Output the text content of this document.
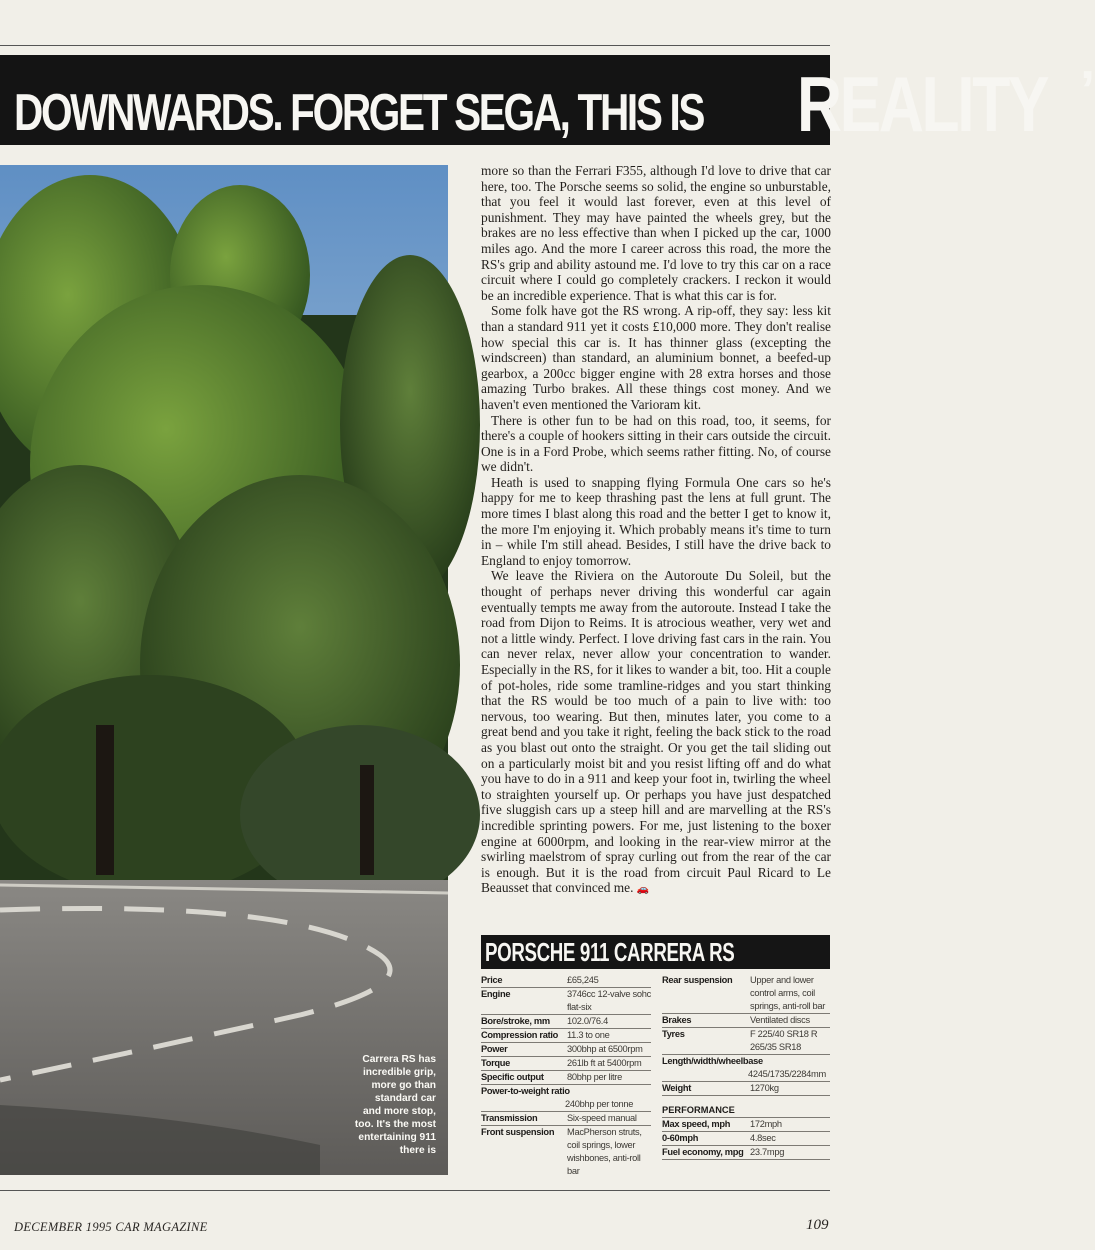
DOWNWARDS. FORGET SEGA, THIS IS REALITY ’
Carrera RS has incredible grip, more go than standard car and more stop, too. It's the most entertaining 911 there is

more so than the Ferrari F355, although I'd love to drive that car here, too. The Porsche seems so solid, the engine so unburstable, that you feel it would last forever, even at this level of punishment. They may have painted the wheels grey, but the brakes are no less effective than when I picked up the car, 1000 miles ago. And the more I career across this road, the more the RS's grip and ability astound me. I'd love to try this car on a race circuit where I could go completely crackers. I reckon it would be an incredible experience. That is what this car is for.

Some folk have got the RS wrong. A rip-off, they say: less kit than a standard 911 yet it costs £10,000 more. They don't realise how special this car is. It has thinner glass (excepting the windscreen) than standard, an aluminium bonnet, a beefed-up gearbox, a 200cc bigger engine with 28 extra horses and those amazing Turbo brakes. All these things cost money. And we haven't even mentioned the Varioram kit.

There is other fun to be had on this road, too, it seems, for there's a couple of hookers sitting in their cars outside the circuit. One is in a Ford Probe, which seems rather fitting. No, of course we didn't.

Heath is used to snapping flying Formula One cars so he's happy for me to keep thrashing past the lens at full grunt. The more times I blast along this road and the better I get to know it, the more I'm enjoying it. Which probably means it's time to turn in – while I'm still ahead. Besides, I still have the drive back to England to enjoy tomorrow.

We leave the Riviera on the Autoroute Du Soleil, but the thought of perhaps never driving this wonderful car again eventually tempts me away from the autoroute. Instead I take the road from Dijon to Reims. It is atrocious weather, very wet and not a little windy. Perfect. I love driving fast cars in the rain. You can never relax, never allow your concentration to wander. Especially in the RS, for it likes to wander a bit, too. Hit a couple of pot-holes, ride some tramline-ridges and you start thinking that the RS would be too much of a pain to live with: too nervous, too wearing. But then, minutes later, you come to a great bend and you take it right, feeling the back stick to the road as you blast out onto the straight. Or you get the tail sliding out on a particularly moist bit and you resist lifting off and do what you have to do in a 911 and keep your foot in, twirling the wheel to straighten yourself up. Or perhaps you have just despatched five sluggish cars up a steep hill and are marvelling at the RS's incredible sprinting powers. For me, just listening to the boxer engine at 6000rpm, and looking in the rear-view mirror at the swirling maelstrom of spray curling out from the rear of the car is enough. But it is the road from circuit Paul Ricard to Le Beausset that convinced me. 🚗

PORSCHE 911 CARRERA RS
Price	£65,245
Engine	3746cc 12-valve sohc flat-six
Bore/stroke, mm	102.0/76.4
Compression ratio 11.3 to one
Power	300bhp at 6500rpm
Torque	261lb ft at 5400rpm
Specific output	80bhp per litre
Power-to-weight ratio
240bhp per tonne
Transmission	Six-speed manual
Front suspension	MacPherson struts, coil springs, lower wishbones, anti-roll bar
Rear suspension	Upper and lower control arms, coil springs, anti-roll bar
Brakes	Ventilated discs
Tyres	F 225/40 SR18 R 265/35 SR18
Length/width/wheelbase
4245/1735/2284mm
Weight	1270kg
PERFORMANCE
Max speed, mph	172mph
0-60mph	4.8sec
Fuel economy, mpg 23.7mpg
DECEMBER 1995 CAR MAGAZINE	109
